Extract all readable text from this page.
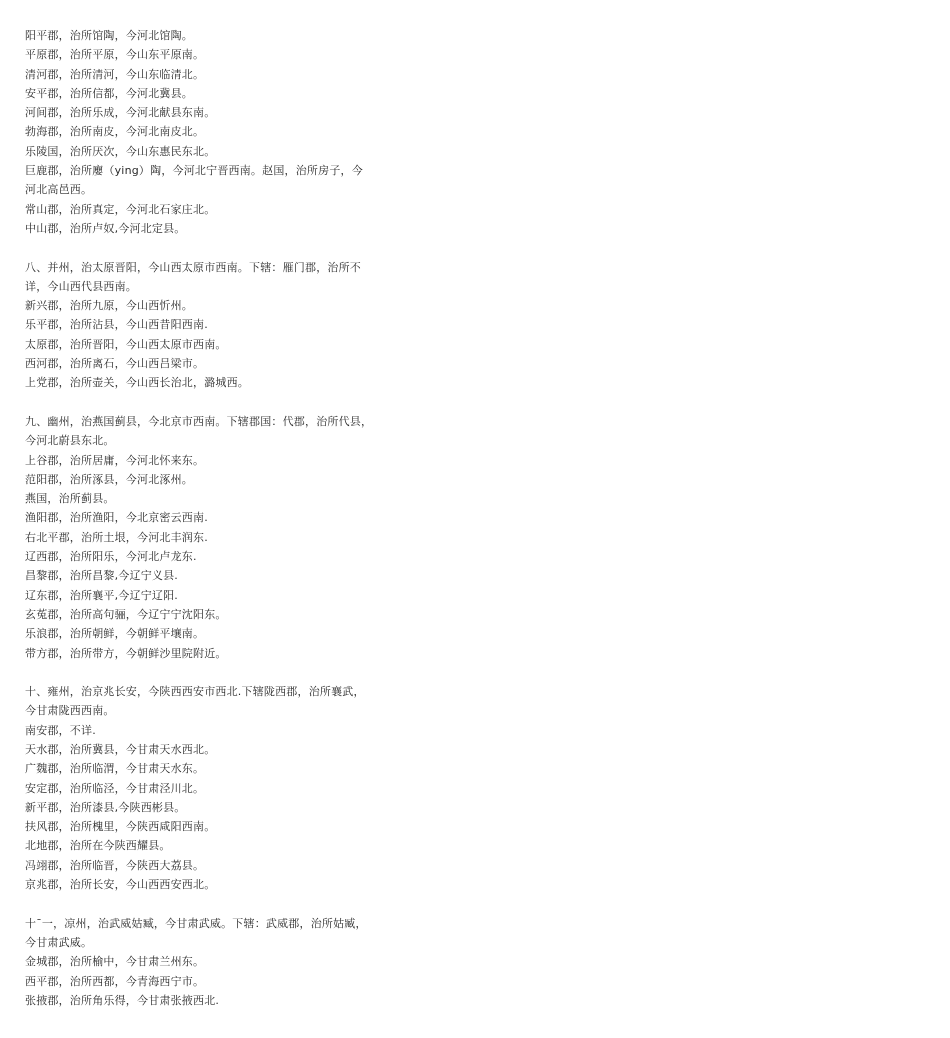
阳平郡，治所馆陶，今河北馆陶。
平原郡，治所平原，今山东平原南。
清河郡，治所清河，今山东临清北。
安平郡，治所信都，今河北冀县。
河间郡，治所乐成，今河北献县东南。
勃海郡，治所南皮，今河北南皮北。
乐陵国，治所厌次，今山东惠民东北。
巨鹿郡，治所廮（ying）陶，今河北宁晋西南。赵国，治所房子，今
河北高邑西。
常山郡，治所真定，今河北石家庄北。
中山郡，治所卢奴,今河北定县。
八、并州，治太原晋阳，今山西太原市西南。下辖：雁门郡，治所不
详，今山西代县西南。
新兴郡，治所九原，今山西忻州。
乐平郡，治所沾县，今山西昔阳西南.
太原郡，治所晋阳，今山西太原市西南。
西河郡，治所离石，今山西吕梁市。
上党郡，治所壶关，今山西长治北，潞城西。
九、幽州，治燕国蓟县，今北京市西南。下辖郡国：代郡，治所代县，
今河北蔚县东北。
上谷郡，治所居庸，今河北怀来东。
范阳郡，治所涿县，今河北涿州。
燕国，治所蓟县。
渔阳郡，治所渔阳，今北京密云西南.
右北平郡，治所土垠，今河北丰润东.
辽西郡，治所阳乐，今河北卢龙东.
昌黎郡，治所昌黎,今辽宁义县.
辽东郡，治所襄平,今辽宁辽阳.
玄菟郡，治所高句骊，今辽宁宁沈阳东。
乐浪郡，治所朝鲜，今朝鲜平壤南。
带方郡，治所带方，今朝鲜沙里院附近。
十、雍州，治京兆长安，今陕西西安市西北.下辖陇西郡，治所襄武，
今甘肃陇西西南。
南安郡，不详.
天水郡，治所冀县，今甘肃天水西北。
广魏郡，治所临渭，今甘肃天水东。
安定郡，治所临泾，今甘肃泾川北。
新平郡，治所漆县,今陕西彬县。
扶风郡，治所槐里，今陕西咸阳西南。
北地郡，治所在今陕西耀县。
冯翊郡，治所临晋，今陕西大荔县。
京兆郡，治所长安，今山西西安西北。
十ˉ一，凉州，治武威姑臧，今甘肃武威。下辖：武威郡，治所姑臧，
今甘肃武威。
金城郡，治所榆中，今甘肃兰州东。
西平郡，治所西都，今青海西宁市。
张掖郡，治所角乐得，今甘肃张掖西北.
